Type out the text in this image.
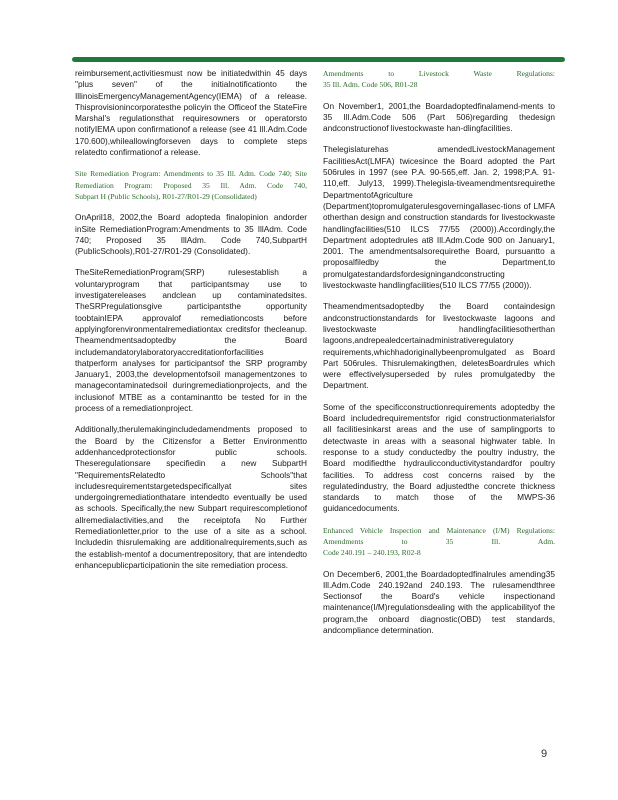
reimbursement,activitiesmust now be initiatedwithin 45 days "plus seven" of the initialnotificationto the IllinoisEmergencyManagementAgency(IEMA) of a release. Thisprovisionincorporatesthe policyin the Officeof the StateFire Marshal's regulationsthat requiresowners or operatorsto notifyIEMA upon confirmationof a release (see 41 Ill.Adm.Code 170.600),whileallowingforseven days to complete steps relatedto confirmationof a release.

Site Remediation Program: Amendments to 35 Ill. Adm. Code 740; Site Remediation Program: Proposed 35 Ill. Adm. Code 740,
Subpart H (Public Schools), R01-27/R01-29 (Consolidated)

OnApril18, 2002,the Board adopteda finalopinion andorder inSite RemediationProgram:Amendments to 35 IllAdm. Code 740; Proposed 35 IllAdm. Code 740,SubpartH (PublicSchools),R01-27/R01-29 (Consolidated).

TheSiteRemediationProgram(SRP) rulesestablish a voluntaryprogram that participantsmay use to investigatereleases andclean up contaminatedsites. TheSRPregulationsgive participantsthe opportunity toobtainIEPA approvalof remediationcosts before applyingforenvironmentalremediationtax creditsfor thecleanup. Theamendmentsadoptedby the Board includemandatorylaboratoryaccreditationforfacilities thatperform analyses for participantsof the SRP programby January1, 2003,the developmentofsoil managementzones to managecontaminatedsoil duringremediationprojects, and the inclusionof MTBE as a contaminantto be tested for in the process of a remediationproject.

Additionally,therulemakingincludedamendments proposed to the Board by the Citizensfor a Better Environmentto addenhancedprotectionsfor public schools. Theseregulationsare specifiedin a new SubpartH "RequirementsRelatedto Schools"that includesrequirementstargetedspecificallyat sites undergoingremediationthatare intendedto eventually be used as schools. Specifically,the new Subpart requirescompletionof allremedialactivities,and the receiptofa No Further Remediationletter,prior to the use of a site as a school. Includedin thisrulemaking are additionalrequirements,such as the establish-mentof a documentrepository, that are intendedto enhancepublicparticipationin the site remediation process.

Amendments to Livestock Waste Regulations:
35 Ill. Adm. Code 506, R01-28

On November1, 2001,the Boardadoptedfinalamend-ments to 35 Ill.Adm.Code 506 (Part 506)regarding thedesign andconstructionof livestockwaste han-dlingfacilities.

Thelegislaturehas amendedLivestockManagement FacilitiesAct(LMFA) twicesince the Board adopted the Part 506rules in 1997 (see P.A. 90-565,eff. Jan. 2, 1998;P.A. 91-110,eff. July13, 1999).Thelegisla-tiveamendmentsrequirethe DepartmentofAgriculture (Department)topromulgaterulesgoverningallasec-tions of LMFA otherthan design and construction standards for livestockwaste handlingfacilities(510 ILCS 77/55 (2000)).Accordingly,the Department adoptedrules at8 Ill.Adm.Code 900 on January1, 2001. The amendmentsalsorequirethe Board, pursuantto a proposalfiledby the Department,to promulgatestandardsfordesigningandconstructing livestockwaste handlingfacilities(510 ILCS 77/55 (2000)).

Theamendmentsadoptedby the Board containdesign andconstructionstandards for livestockwaste lagoons and livestockwaste handlingfacilitiesotherthan lagoons,andrepealedcertainadministrativeregulatory requirements,whichhadoriginallybeenpromulgated as Board Part 506rules. Thisrulemakingthen, deletesBoardrules which were effectivelysuperseded by rules promulgatedby the Department.

Some of the specificconstructionrequirements adoptedby the Board includedrequirementsfor rigid constructionmaterialsfor all facilitiesinkarst areas and the use of samplingports to detectwaste in areas with a seasonal highwater table. In response to a study conductedby the poultry industry, the Board modifiedthe hydraulicconductivitystandardfor poultry facilities. To address cost concerns raised by the regulatedindustry, the Board adjustedthe concrete thickness standards to match those of the MWPS-36 guidancedocuments.

Enhanced Vehicle Inspection and Maintenance (I/M) Regulations: Amendments to 35 Ill. Adm.
Code 240.191 – 240.193, R02-8

On December6, 2001,the Boardadoptedfinalrules amending35 Ill.Adm.Code 240.192and 240.193. The rulesamendthree Sectionsof the Board's vehicle inspectionand maintenance(I/M)regulationsdealing with the applicabilityof the program,the onboard diagnostic(OBD) test standards, andcompliance determination.

9
